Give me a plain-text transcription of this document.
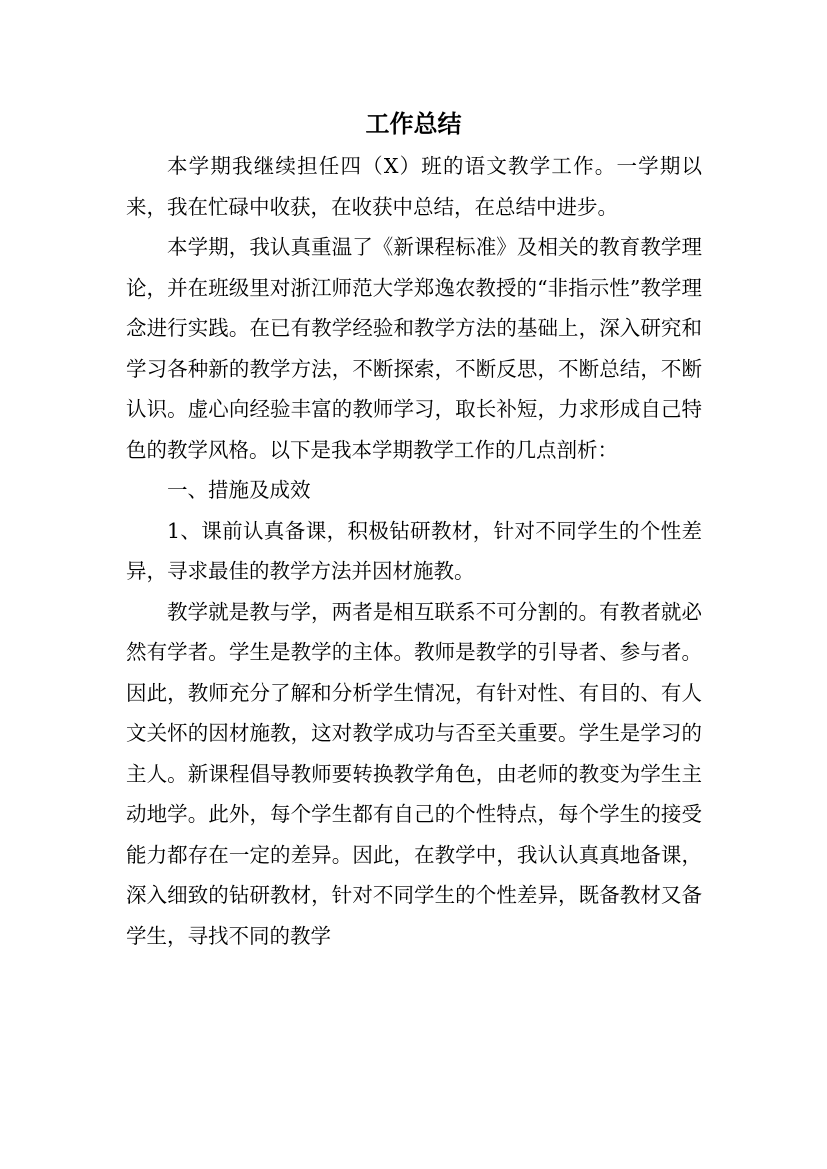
工作总结

本学期我继续担任四（X）班的语文教学工作。一学期以来，我在忙碌中收获，在收获中总结，在总结中进步。

本学期，我认真重温了《新课程标准》及相关的教育教学理论，并在班级里对浙江师范大学郑逸农教授的“非指示性”教学理念进行实践。在已有教学经验和教学方法的基础上，深入研究和学习各种新的教学方法，不断探索，不断反思，不断总结，不断认识。虚心向经验丰富的教师学习，取长补短，力求形成自己特色的教学风格。以下是我本学期教学工作的几点剖析：

一、措施及成效

1、课前认真备课，积极钻研教材，针对不同学生的个性差异，寻求最佳的教学方法并因材施教。

教学就是教与学，两者是相互联系不可分割的。有教者就必然有学者。学生是教学的主体。教师是教学的引导者、参与者。因此，教师充分了解和分析学生情况，有针对性、有目的、有人文关怀的因材施教，这对教学成功与否至关重要。学生是学习的主人。新课程倡导教师要转换教学角色，由老师的教变为学生主动地学。此外，每个学生都有自己的个性特点，每个学生的接受能力都存在一定的差异。因此，在教学中，我认认真真地备课，深入细致的钻研教材，针对不同学生的个性差异，既备教材又备学生，寻找不同的教学
